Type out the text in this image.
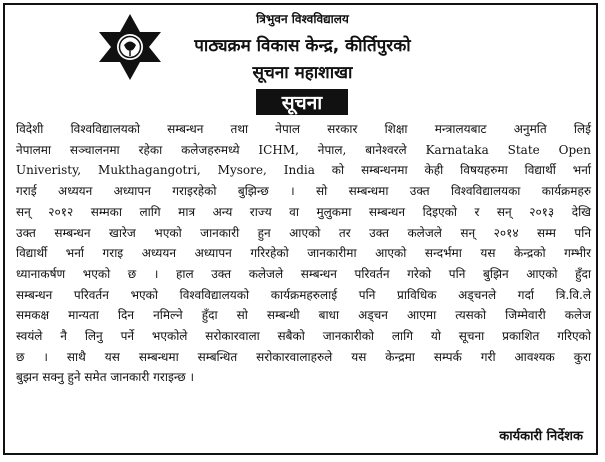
त्रिभुवन विश्वविद्यालय
पाठ्यक्रम विकास केन्द्र, कीर्तिपुरको
सूचना महाशाखा
सूचना
विदेशी विश्वविद्यालयको सम्बन्धन तथा नेपाल सरकार शिक्षा मन्त्रालयबाट अनुमति लिई
नेपालमा सञ्चालनमा रहेका कलेजहरुमध्ये ICHM, नेपाल, बानेश्वरले Karnataka State Open
Univeristy, Mukthagangotri, Mysore, India को सम्बन्धनमा केही विषयहरुमा विद्यार्थी भर्ना
गराई अध्ययन अध्यापन गराइरहेको बुझिन्छ । सो सम्बन्धमा उक्त विश्वविद्यालयका कार्यक्रमहरु
सन् २०१२ सम्मका लागि मात्र अन्य राज्य वा मुलुकमा सम्बन्धन दिइएको र सन् २०१३ देखि
उक्त सम्बन्धन खारेज भएको जानकारी हुन आएको तर उक्त कलेजले सन् २०१४ सम्म पनि
विद्यार्थी भर्ना गराइ अध्ययन अध्यापन गरिरहेको जानकारीमा आएको सन्दर्भमा यस केन्द्रको गम्भीर
ध्यानाकर्षण भएको छ । हाल उक्त कलेजले सम्बन्धन परिवर्तन गरेको पनि बुझिन आएको हुँदा
सम्बन्धन परिवर्तन भएको विश्वविद्यालयको कार्यक्रमहरुलाई पनि प्राविधिक अड्चनले गर्दा त्रि.वि.ले
समकक्ष मान्यता दिन नमिल्ने हुँदा सो सम्बन्धी बाधा अड्चन आएमा त्यसको जिम्मेवारी कलेज
स्वयंले नै लिनु पर्ने भएकोले सरोकारवाला सबैको जानकारीको लागि यो सूचना प्रकाशित गरिएको
छ । साथै यस सम्बन्धमा सम्बन्धित सरोकारवालाहरुले यस केन्द्रमा सम्पर्क गरी आवश्यक कुरा
बुझन सक्नु हुने समेत जानकारी गराइन्छ ।
कार्यकारी निर्देशक
